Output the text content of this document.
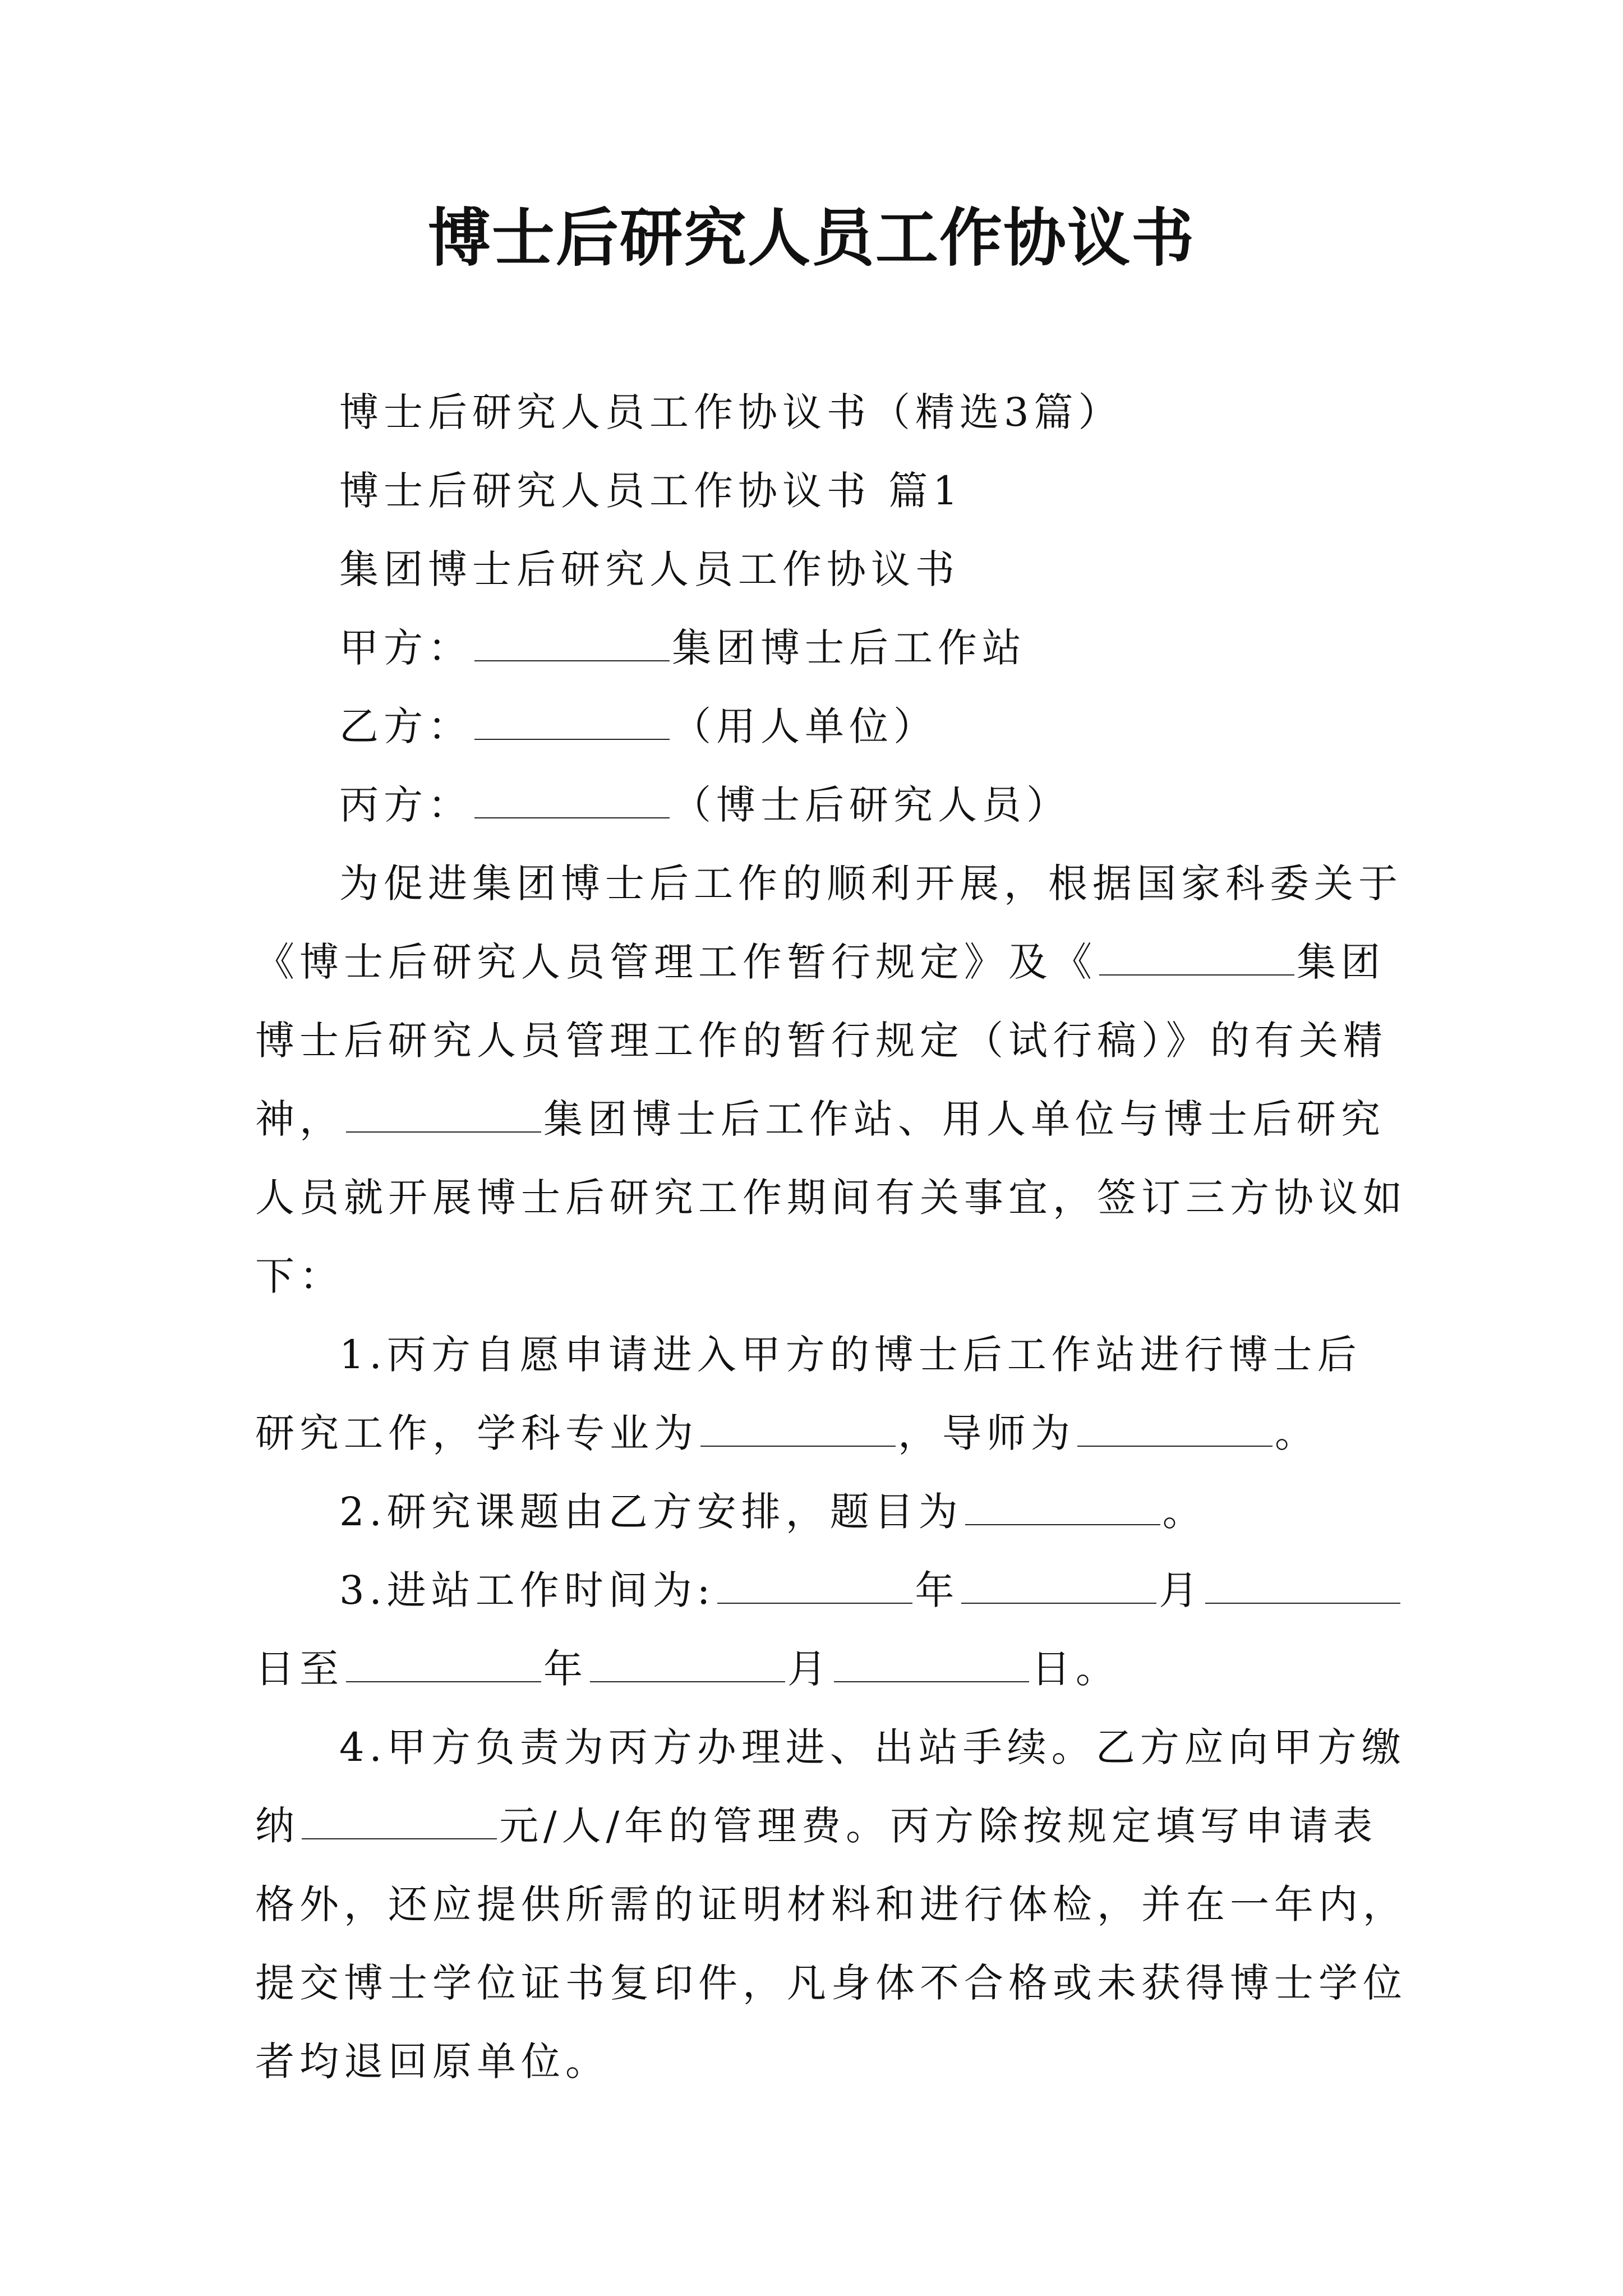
博士后研究人员工作协议书
博士后研究人员工作协议书（精选3篇）
博士后研究人员工作协议书 篇1
集团博士后研究人员工作协议书
甲方：	集团博士后工作站
乙方：	（用人单位）
丙方：	（博士后研究人员）
为促进集团博士后工作的顺利开展，根据国家科委关于
《博士后研究人员管理工作暂行规定》及《	集团
博士后研究人员管理工作的暂行规定（试行稿）》的有关精
神，	集团博士后工作站、用人单位与博士后研究
人员就开展博士后研究工作期间有关事宜，签订三方协议如
下：
1.丙方自愿申请进入甲方的博士后工作站进行博士后
研究工作，学科专业为	，导师为	。
2.研究课题由乙方安排，题目为	。
3.进站工作时间为:	年	月
日至	年	月	日。
4.甲方负责为丙方办理进、出站手续。乙方应向甲方缴
纳	元/人/年的管理费。丙方除按规定填写申请表
格外，还应提供所需的证明材料和进行体检，并在一年内，
提交博士学位证书复印件，凡身体不合格或未获得博士学位
者均退回原单位。
